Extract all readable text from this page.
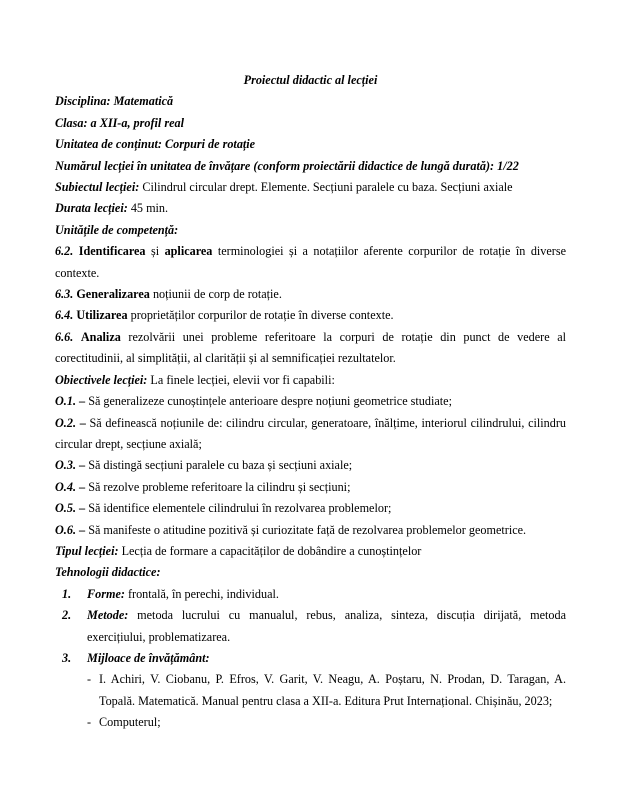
Proiectul didactic al lecției
Disciplina: Matematică
Clasa: a XII-a, profil real
Unitatea de conținut: Corpuri de rotație
Numărul lecției în unitatea de învățare (conform proiectării didactice de lungă durată): 1/22
Subiectul lecției: Cilindrul circular drept. Elemente. Secțiuni paralele cu baza. Secțiuni axiale
Durata lecției: 45 min.
Unitățile de competență:
6.2. Identificarea și aplicarea terminologiei și a notațiilor aferente corpurilor de rotație în diverse contexte.
6.3. Generalizarea noțiunii de corp de rotație.
6.4. Utilizarea proprietăților corpurilor de rotație în diverse contexte.
6.6. Analiza rezolvării unei probleme referitoare la corpuri de rotație din punct de vedere al corectitudinii, al simplității, al clarității și al semnificației rezultatelor.
Obiectivele lecției: La finele lecției, elevii vor fi capabili:
O.1. – Să generalizeze cunoștințele anterioare despre noțiuni geometrice studiate;
O.2. – Să definească noțiunile de: cilindru circular, generatoare, înălțime, interiorul cilindrului, cilindru circular drept, secțiune axială;
O.3. – Să distingă secțiuni paralele cu baza și secțiuni axiale;
O.4. – Să rezolve probleme referitoare la cilindru și secțiuni;
O.5. – Să identifice elementele cilindrului în rezolvarea problemelor;
O.6. – Să manifeste o atitudine pozitivă și curiozitate față de rezolvarea problemelor geometrice.
Tipul lecției: Lecția de formare a capacităților de dobândire a cunoștințelor
Tehnologii didactice:
1. Forme: frontală, în perechi, individual.
2. Metode: metoda lucrului cu manualul, rebus, analiza, sinteza, discuția dirijată, metoda exercițiului, problematizarea.
3. Mijloace de învățământ:
- I. Achiri, V. Ciobanu, P. Efros, V. Garit, V. Neagu, A. Poștaru, N. Prodan, D. Taragan, A. Topală. Matematică. Manual pentru clasa a XII-a. Editura Prut Internațional. Chișinău, 2023;
- Computerul;
